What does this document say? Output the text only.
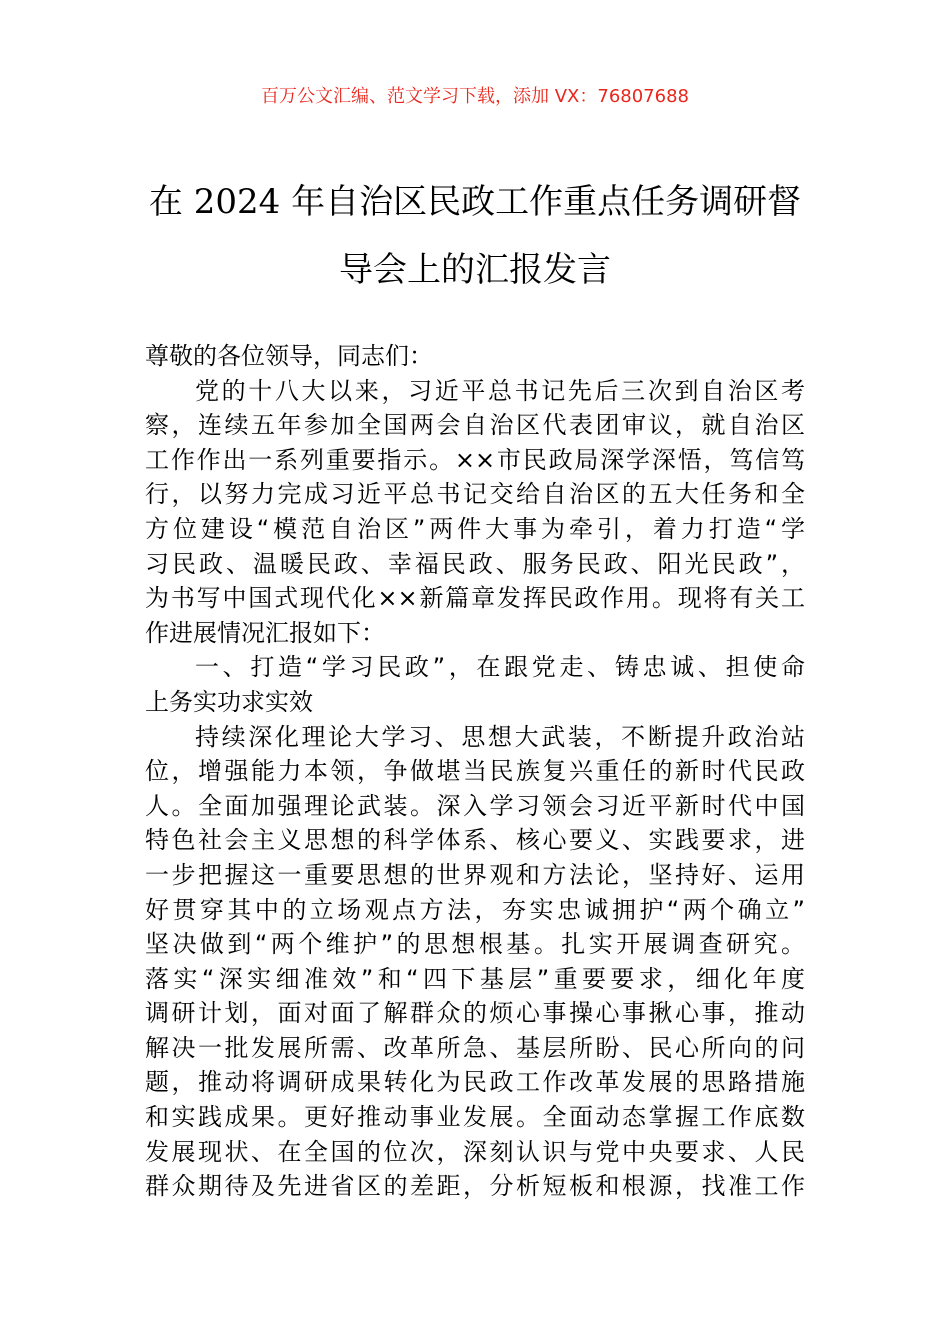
百万公文汇编、范文学习下载，添加 VX：76807688
在 2024 年自治区民政工作重点任务调研督
导会上的汇报发言
尊敬的各位领导，同志们：
党的十八大以来，习近平总书记先后三次到自治区考
察，连续五年参加全国两会自治区代表团审议，就自治区
工作作出一系列重要指示。××市民政局深学深悟，笃信笃
行，以努力完成习近平总书记交给自治区的五大任务和全
方位建设“模范自治区”两件大事为牵引，着力打造“学
习民政、温暖民政、幸福民政、服务民政、阳光民政”，
为书写中国式现代化××新篇章发挥民政作用。现将有关工
作进展情况汇报如下：
一、打造“学习民政”，在跟党走、铸忠诚、担使命
上务实功求实效
持续深化理论大学习、思想大武装，不断提升政治站
位，增强能力本领，争做堪当民族复兴重任的新时代民政
人。全面加强理论武装。深入学习领会习近平新时代中国
特色社会主义思想的科学体系、核心要义、实践要求，进
一步把握这一重要思想的世界观和方法论，坚持好、运用
好贯穿其中的立场观点方法，夯实忠诚拥护“两个确立”
坚决做到“两个维护”的思想根基。扎实开展调查研究。
落实“深实细准效”和“四下基层”重要要求，细化年度
调研计划，面对面了解群众的烦心事操心事揪心事，推动
解决一批发展所需、改革所急、基层所盼、民心所向的问
题，推动将调研成果转化为民政工作改革发展的思路措施
和实践成果。更好推动事业发展。全面动态掌握工作底数
发展现状、在全国的位次，深刻认识与党中央要求、人民
群众期待及先进省区的差距，分析短板和根源，找准工作
